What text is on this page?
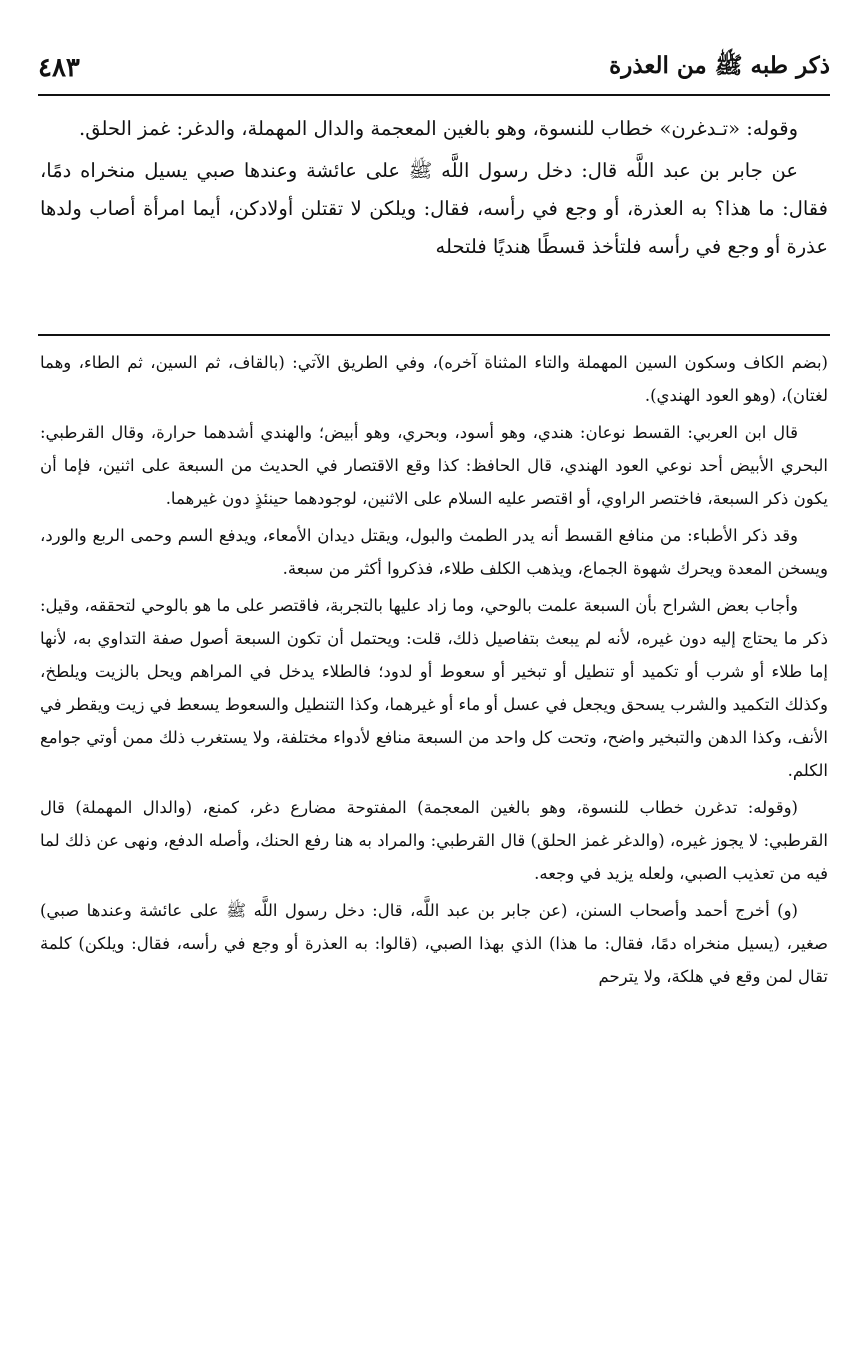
ذكر طبه ﷺ من العذرة
٤٨٣

وقوله: «تـدغرن» خطاب للنسوة، وهو بالغين المعجمة والدال المهملة، والدغر: غمز الحلق.

عن جابر بن عبد اللَّه قال: دخل رسول اللَّه ﷺ على عائشة وعندها صبي يسيل منخراه دمًا، فقال: ما هذا؟ به العذرة، أو وجع في رأسه، فقال: ويلكن لا تقتلن أولادكن، أيما امرأة أصاب ولدها عذرة أو وجع في رأسه فلتأخذ قسطًا هنديًا فلتحله

(بضم الكاف وسكون السين المهملة والتاء المثناة آخره)، وفي الطريق الآتي: (بالقاف، ثم السين، ثم الطاء، وهما لغتان)، (وهو العود الهندي).

قال ابن العربي: القسط نوعان: هندي، وهو أسود، وبحري، وهو أبيض؛ والهندي أشدهما حرارة، وقال القرطبي: البحري الأبيض أحد نوعي العود الهندي، قال الحافظ: كذا وقع الاقتصار في الحديث من السبعة على اثنين، فإما أن يكون ذكر السبعة، فاختصر الراوي، أو اقتصر عليه السلام على الاثنين، لوجودهما حينئذٍ دون غيرهما.

وقد ذكر الأطباء: من منافع القسط أنه يدر الطمث والبول، ويقتل ديدان الأمعاء، ويدفع السم وحمى الربع والورد، ويسخن المعدة ويحرك شهوة الجماع، ويذهب الكلف طلاء، فذكروا أكثر من سبعة.

وأجاب بعض الشراح بأن السبعة علمت بالوحي، وما زاد عليها بالتجربة، فاقتصر على ما هو بالوحي لتحققه، وقيل: ذكر ما يحتاج إليه دون غيره، لأنه لم يبعث بتفاصيل ذلك، قلت: ويحتمل أن تكون السبعة أصول صفة التداوي به، لأنها إما طلاء أو شرب أو تكميد أو تنطيل أو تبخير أو سعوط أو لدود؛ فالطلاء يدخل في المراهم ويحل بالزيت ويلطخ، وكذلك التكميد والشرب يسحق ويجعل في عسل أو ماء أو غيرهما، وكذا التنطيل والسعوط يسعط في زيت ويقطر في الأنف، وكذا الدهن والتبخير واضح، وتحت كل واحد من السبعة منافع لأدواء مختلفة، ولا يستغرب ذلك ممن أوتي جوامع الكلم.

(وقوله: تدغرن خطاب للنسوة، وهو بالغين المعجمة) المفتوحة مضارع دغر، كمنع، (والدال المهملة) قال القرطبي: لا يجوز غيره، (والدغر غمز الحلق) قال القرطبي: والمراد به هنا رفع الحنك، وأصله الدفع، ونهى عن ذلك لما فيه من تعذيب الصبي، ولعله يزيد في وجعه.

(و) أخرج أحمد وأصحاب السنن، (عن جابر بن عبد اللَّه، قال: دخل رسول اللَّه ﷺ على عائشة وعندها صبي) صغير، (يسيل منخراه دمًا، فقال: ما هذا) الذي بهذا الصبي، (قالوا: به العذرة أو وجع في رأسه، فقال: ويلكن) كلمة تقال لمن وقع في هلكة، ولا يترحم
